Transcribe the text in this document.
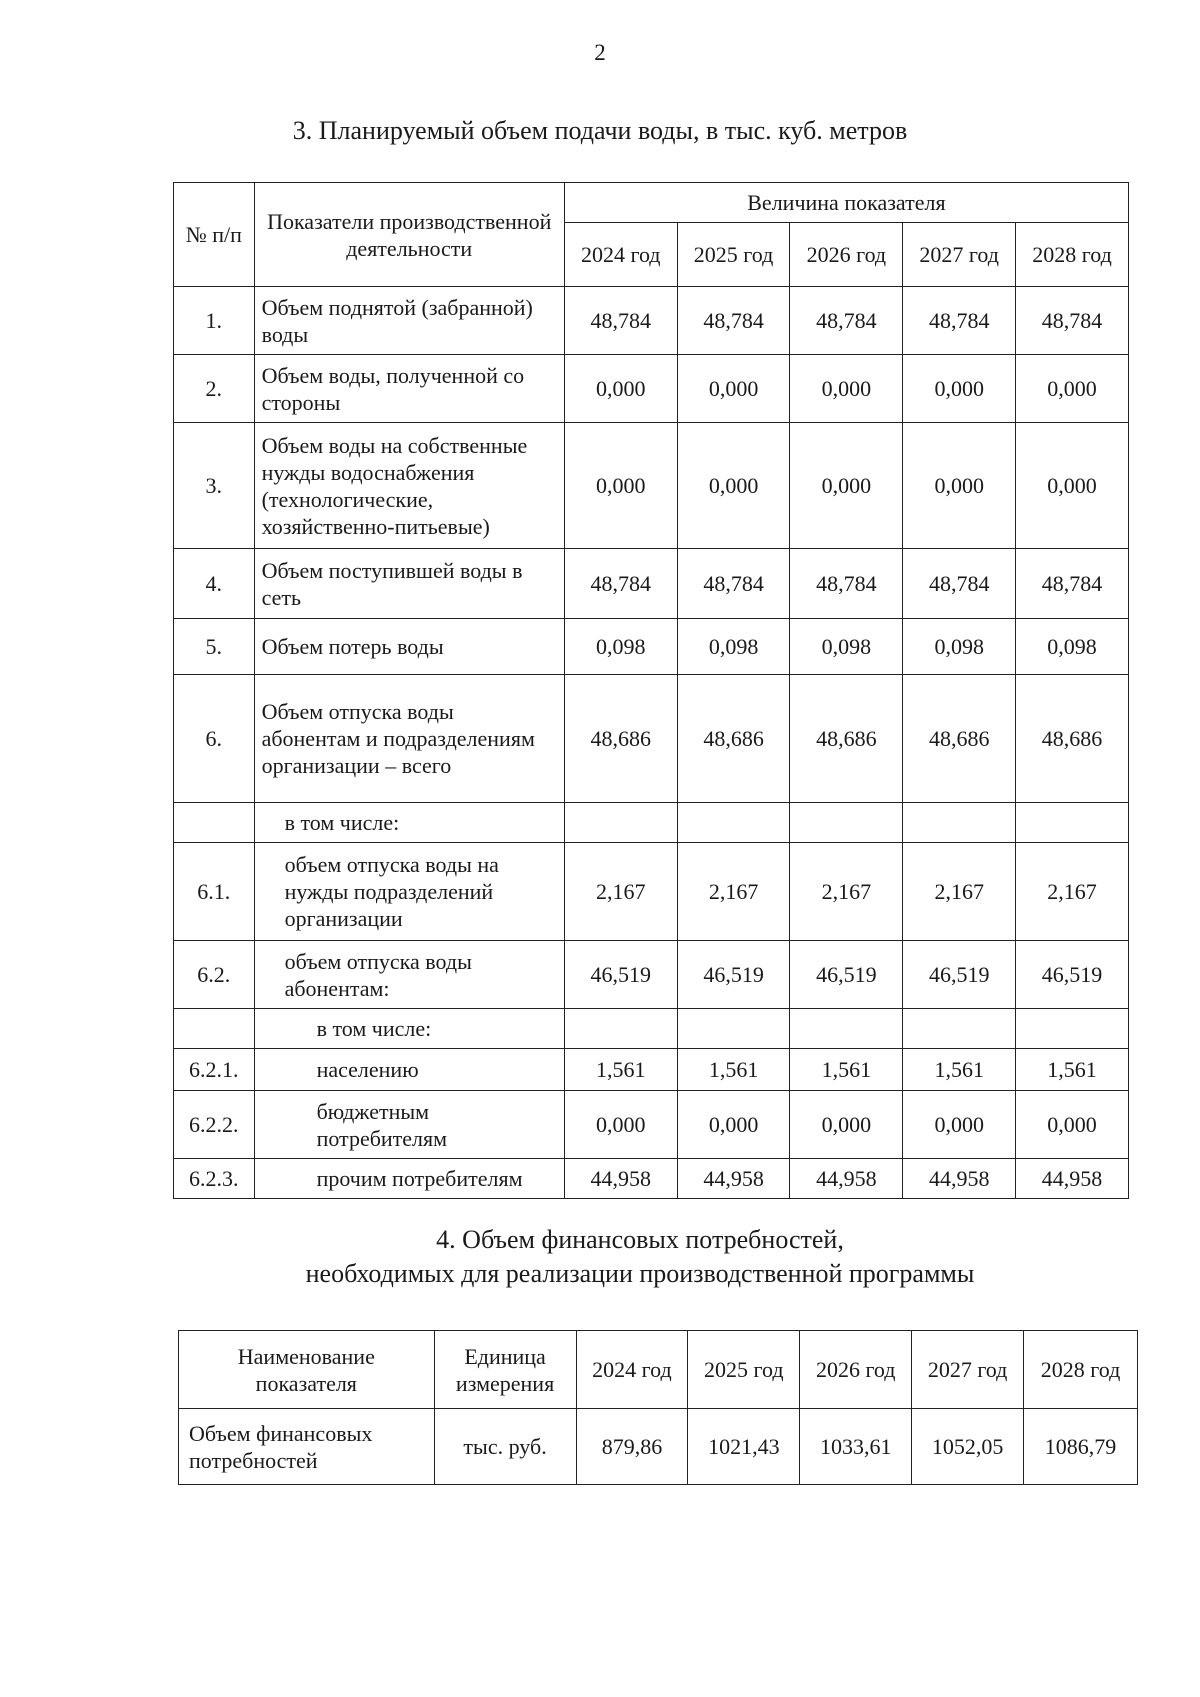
2
3. Планируемый объем подачи воды, в тыс. куб. метров
№ п/п	Показатели производственной деятельности	Величина показателя				
		2024 год	2025 год	2026 год	2027 год	2028 год
1.	Объем поднятой (забранной) воды	48,784	48,784	48,784	48,784	48,784
2.	Объем воды, полученной со стороны	0,000	0,000	0,000	0,000	0,000
3.	Объем воды на собственные нужды водоснабжения (технологические, хозяйственно-питьевые)	0,000	0,000	0,000	0,000	0,000
4.	Объем поступившей воды в сеть	48,784	48,784	48,784	48,784	48,784
5.	Объем потерь воды	0,098	0,098	0,098	0,098	0,098
6.	Объем отпуска воды абонентам и подразделениям организации – всего	48,686	48,686	48,686	48,686	48,686
	в том числе:					
6.1.	объем отпуска воды на нужды подразделений организации	2,167	2,167	2,167	2,167	2,167
6.2.	объем отпуска воды абонентам:	46,519	46,519	46,519	46,519	46,519
	в том числе:					
6.2.1.	населению	1,561	1,561	1,561	1,561	1,561
6.2.2.	бюджетным потребителям	0,000	0,000	0,000	0,000	0,000
6.2.3.	прочим потребителям	44,958	44,958	44,958	44,958	44,958
4. Объем финансовых потребностей,
необходимых для реализации производственной программы
Наименование показателя	Единица измерения	2024 год	2025 год	2026 год	2027 год	2028 год
Объем финансовых потребностей	тыс. руб.	879,86	1021,43	1033,61	1052,05	1086,79
